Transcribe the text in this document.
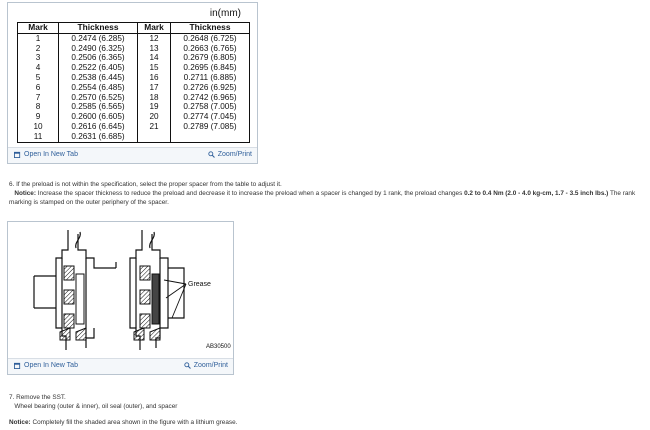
in(mm)
Mark	Thickness	Mark	Thickness
1	0.2474 (6.285)	12	0.2648 (6.725)
2	0.2490 (6.325)	13	0.2663 (6.765)
3	0.2506 (6.365)	14	0.2679 (6.805)
4	0.2522 (6.405)	15	0.2695 (6.845)
5	0.2538 (6.445)	16	0.2711 (6.885)
6	0.2554 (6.485)	17	0.2726 (6.925)
7	0.2570 (6.525)	18	0.2742 (6.965)
8	0.2585 (6.565)	19	0.2758 (7.005)
9	0.2600 (6.605)	20	0.2774 (7.045)
10	0.2616 (6.645)	21	0.2789 (7.085)
11	0.2631 (6.685)		
Open In New Tab	Zoom/Print
6. If the preload is not within the specification, select the proper spacer from the table to adjust it.
Notice: Increase the spacer thickness to reduce the preload and decrease it to increase the preload when a spacer is changed by 1 rank, the preload changes 0.2 to 0.4 Nm (2.0 - 4.0 kg-cm, 1.7 - 3.5 inch lbs.) The rank marking is stamped on the outer periphery of the spacer.
Grease
AB30500
Open In New Tab	Zoom/Print
7. Remove the SST.
Wheel bearing (outer & inner), oil seal (outer), and spacer
Notice: Completely fill the shaded area shown in the figure with a lithium grease.
